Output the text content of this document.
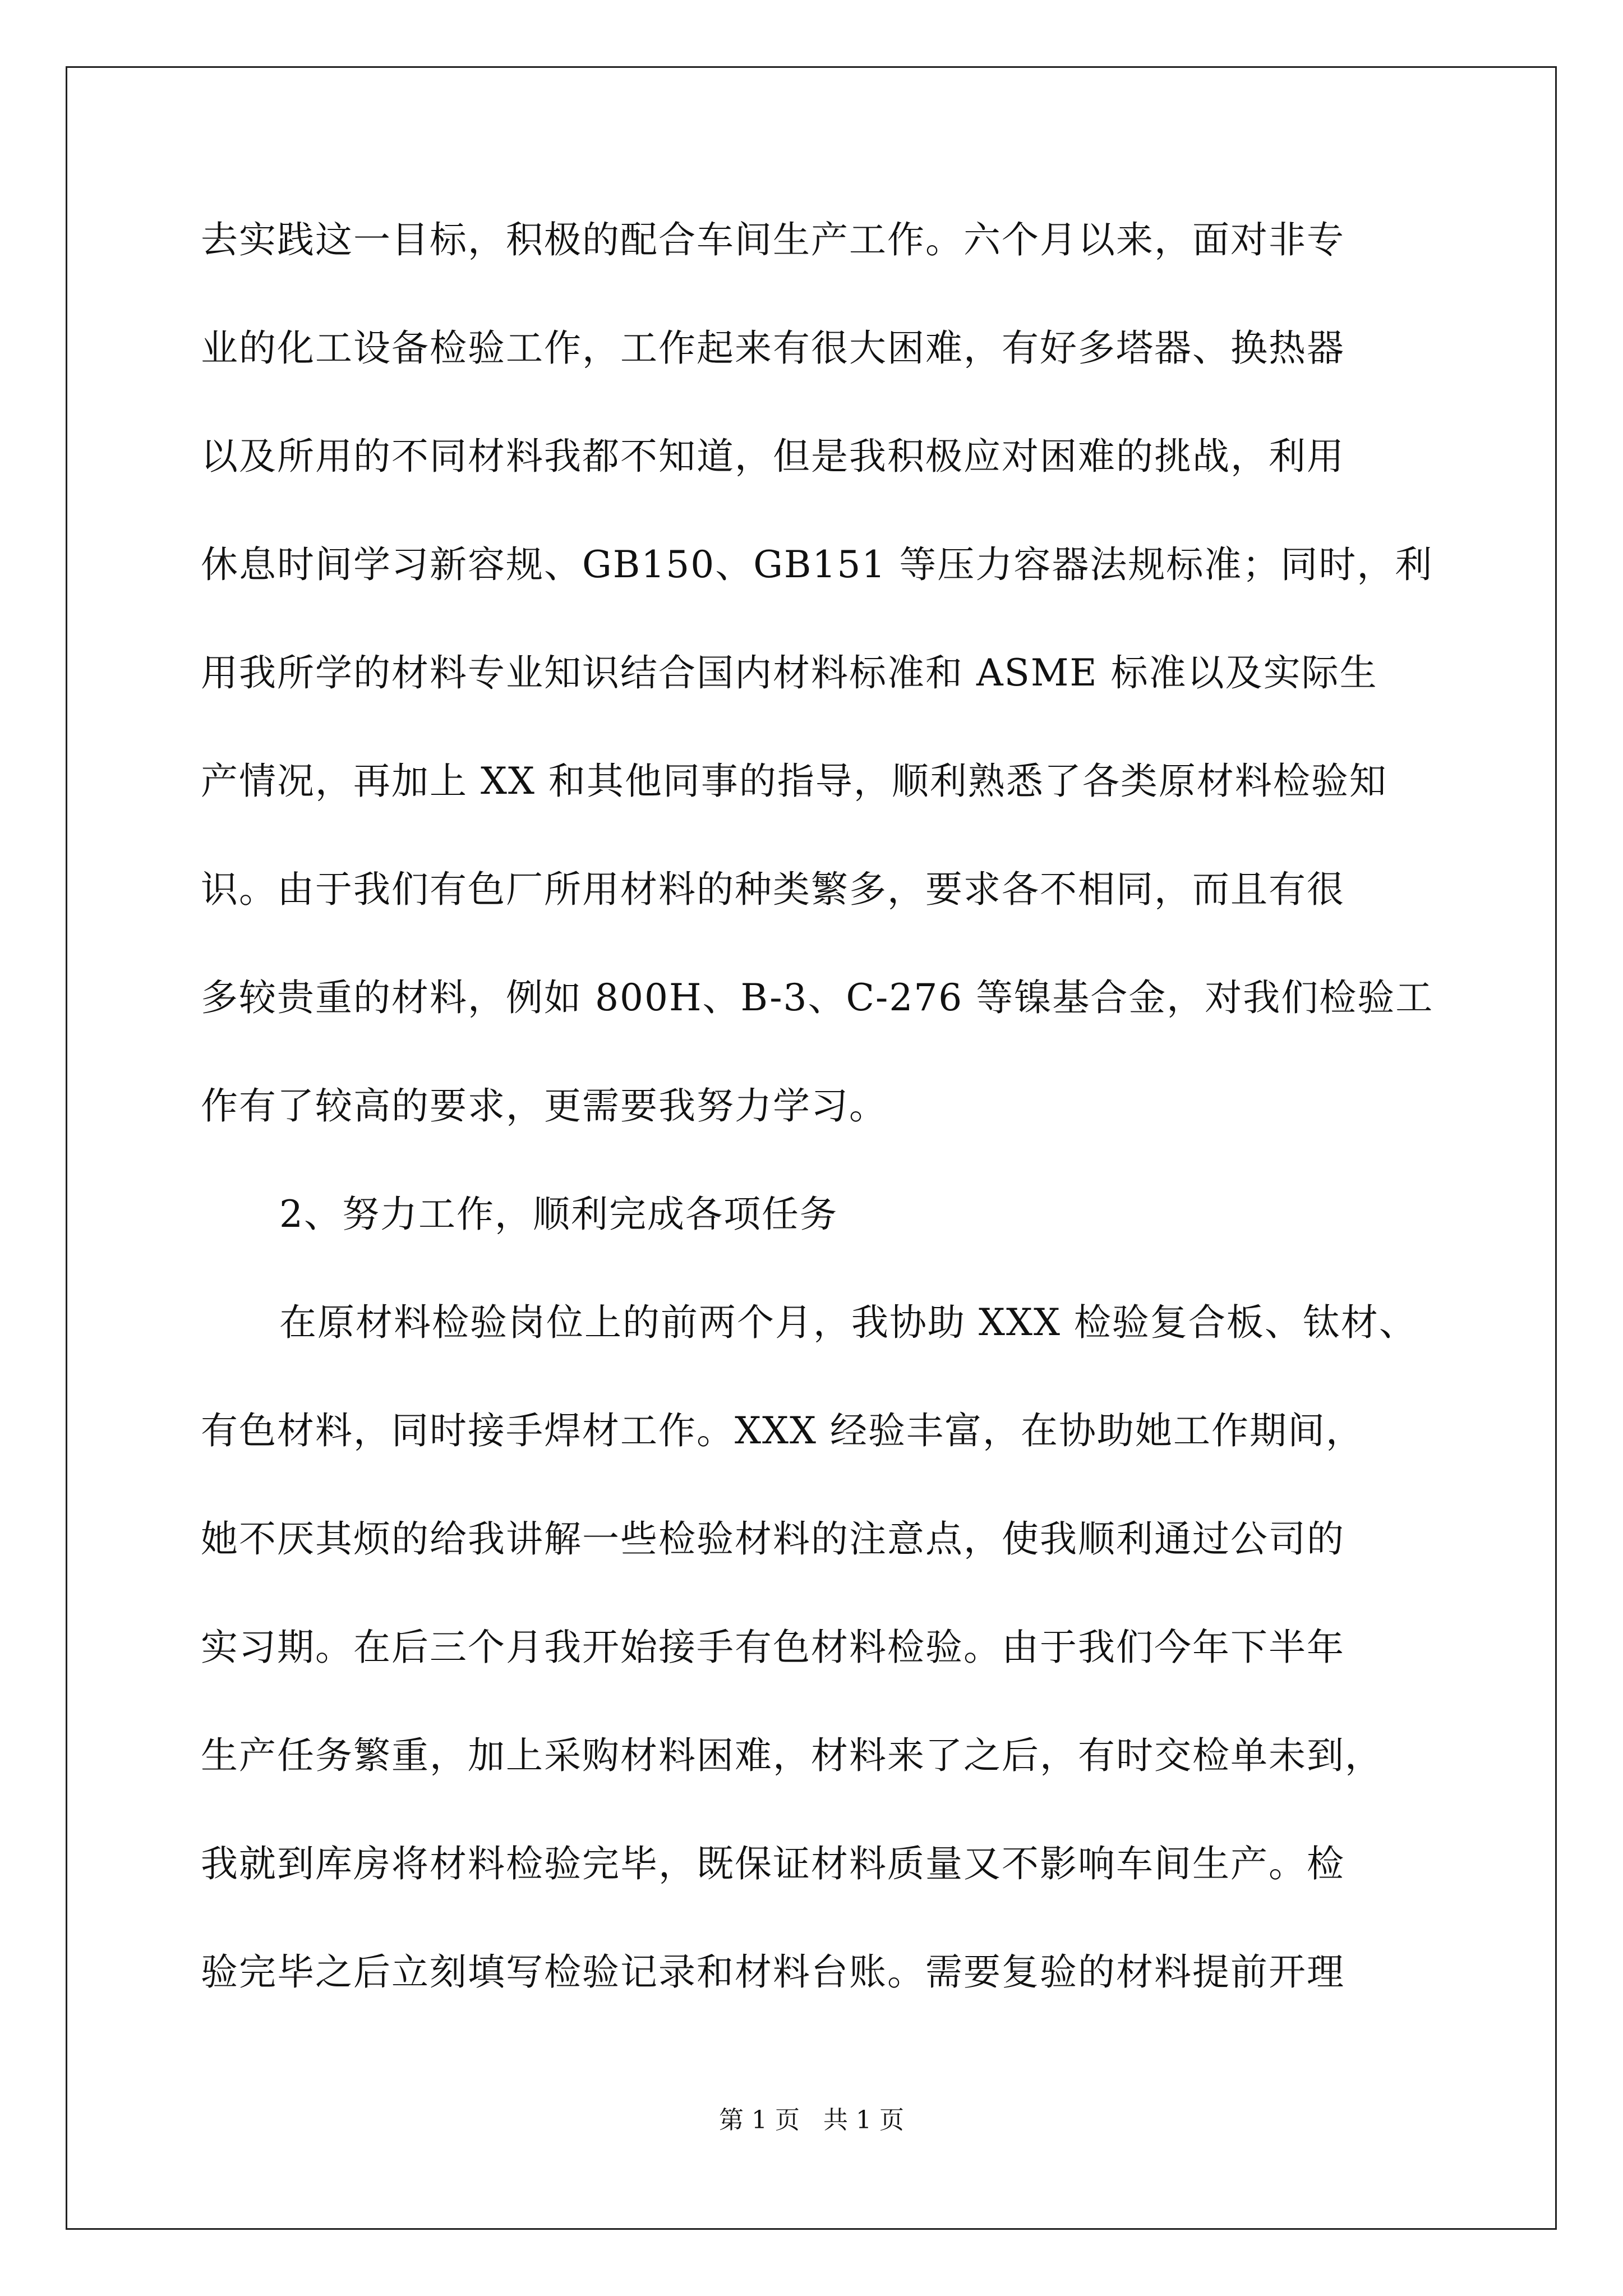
去实践这一目标，积极的配合车间生产工作。六个月以来，面对非专
业的化工设备检验工作，工作起来有很大困难，有好多塔器、换热器
以及所用的不同材料我都不知道，但是我积极应对困难的挑战，利用
休息时间学习新容规、GB150、GB151 等压力容器法规标准；同时，利
用我所学的材料专业知识结合国内材料标准和 ASME 标准以及实际生
产情况，再加上 XX 和其他同事的指导，顺利熟悉了各类原材料检验知
识。由于我们有色厂所用材料的种类繁多，要求各不相同，而且有很
多较贵重的材料，例如 800H、B-3、C-276 等镍基合金，对我们检验工
作有了较高的要求，更需要我努力学习。
2、努力工作，顺利完成各项任务
在原材料检验岗位上的前两个月，我协助 XXX 检验复合板、钛材、
有色材料，同时接手焊材工作。XXX 经验丰富，在协助她工作期间，
她不厌其烦的给我讲解一些检验材料的注意点，使我顺利通过公司的
实习期。在后三个月我开始接手有色材料检验。由于我们今年下半年
生产任务繁重，加上采购材料困难，材料来了之后，有时交检单未到，
我就到库房将材料检验完毕，既保证材料质量又不影响车间生产。检
验完毕之后立刻填写检验记录和材料台账。需要复验的材料提前开理
第 1 页   共 1 页
